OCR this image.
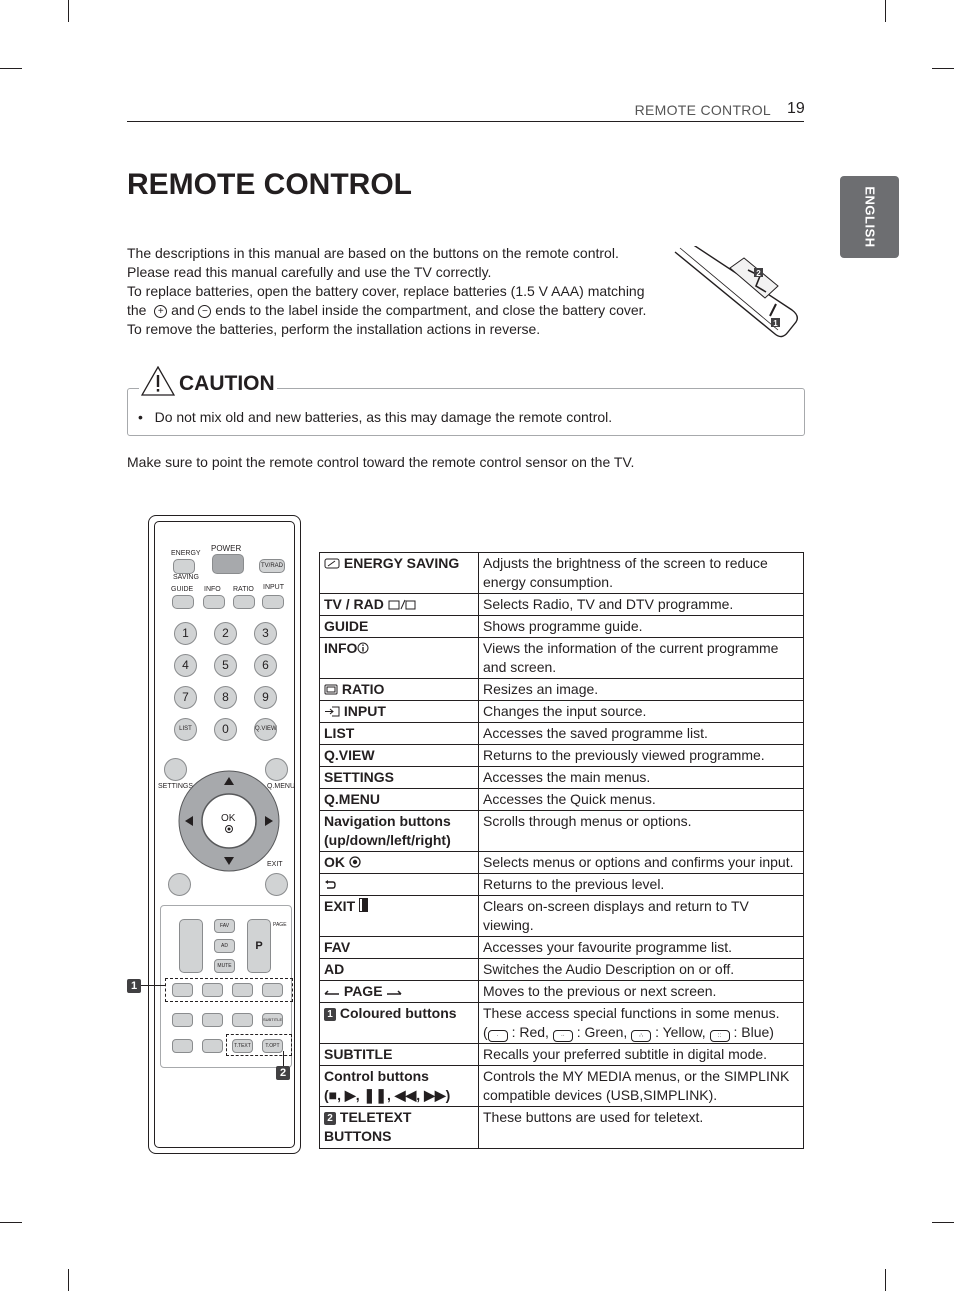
REMOTE CONTROL 19
ENGLISH
REMOTE CONTROL

The descriptions in this manual are based on the buttons on the remote control.

Please read this manual carefully and use the TV correctly.

To replace batteries, open the battery cover, replace batteries (1.5 V AAA) matching

the + and − ends to the label inside the compartment, and close the battery cover.

To remove the batteries, perform the installation actions in reverse.

2
1
CAUTION
•   Do not mix old and new batteries, as this may damage the remote control.
Make sure to point the remote control toward the remote control sensor on the TV.
ENERGY
SAVING
POWER
TV/RAD
GUIDE INFO RATIO INPUT
1	2	3
4	5	6
7	8	9
LIST	0	Q.VIEW
SETTINGS	Q.MENU
OK
EXIT
P
PAGE
FAV
AD
MUTE
SUBTITLE
T.TEXT	T.OPT
1
2
ENERGY SAVING	Adjusts the brightness of the screen to reduce energy consumption.
TV / RAD	Selects Radio, TV and DTV programme.
GUIDE	Shows programme guide.
INFO	Views the information of the current programme and screen.
RATIO	Resizes an image.
INPUT	Changes the input source.
LIST	Accesses the saved programme list.
Q.VIEW	Returns to the previously viewed programme.
SETTINGS	Accesses the main menus.
Q.MENU	Accesses the Quick menus.
Navigation buttons (up/down/left/right)	Scrolls through menus or options.
OK	Selects menus or options and confirms your input.
	Returns to the previous level.
EXIT	Clears on-screen displays and return to TV viewing.
FAV	Accesses your favourite programme list.
AD	Switches the Audio Description on or off.
PAGE	Moves to the previous or next screen.
1 Coloured buttons	These access special functions in some menus.
( · : Red, ·· : Green, ∴ : Yellow, :: : Blue)
SUBTITLE	Recalls your preferred subtitle in digital mode.
Control buttons
(■, ▶, ❚❚, ◀◀, ▶▶)	Controls the MY MEDIA menus, or the SIMPLINK compatible devices (USB,SIMPLINK).
2 TELETEXT
BUTTONS	These buttons are used for teletext.
